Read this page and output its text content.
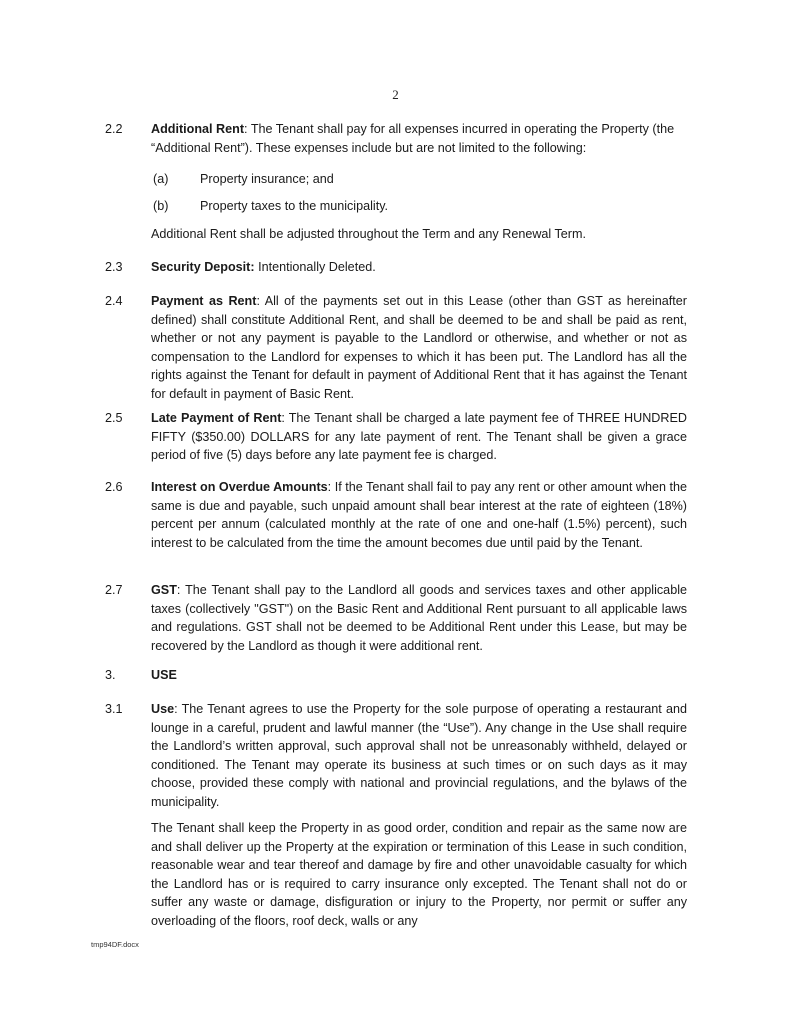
2
2.2	Additional Rent: The Tenant shall pay for all expenses incurred in operating the Property (the “Additional Rent”). These expenses include but are not limited to the following:
(a)	Property insurance; and
(b)	Property taxes to the municipality.
Additional Rent shall be adjusted throughout the Term and any Renewal Term.
2.3	Security Deposit: Intentionally Deleted.
2.4	Payment as Rent: All of the payments set out in this Lease (other than GST as hereinafter defined) shall constitute Additional Rent, and shall be deemed to be and shall be paid as rent, whether or not any payment is payable to the Landlord or otherwise, and whether or not as compensation to the Landlord for expenses to which it has been put. The Landlord has all the rights against the Tenant for default in payment of Additional Rent that it has against the Tenant for default in payment of Basic Rent.
2.5	Late Payment of Rent: The Tenant shall be charged a late payment fee of THREE HUNDRED FIFTY ($350.00) DOLLARS for any late payment of rent. The Tenant shall be given a grace period of five (5) days before any late payment fee is charged.
2.6	Interest on Overdue Amounts: If the Tenant shall fail to pay any rent or other amount when the same is due and payable, such unpaid amount shall bear interest at the rate of eighteen (18%) percent per annum (calculated monthly at the rate of one and one-half (1.5%) percent), such interest to be calculated from the time the amount becomes due until paid by the Tenant.
2.7	GST: The Tenant shall pay to the Landlord all goods and services taxes and other applicable taxes (collectively "GST") on the Basic Rent and Additional Rent pursuant to all applicable laws and regulations. GST shall not be deemed to be Additional Rent under this Lease, but may be recovered by the Landlord as though it were additional rent.
3.	USE
3.1	Use: The Tenant agrees to use the Property for the sole purpose of operating a restaurant and lounge in a careful, prudent and lawful manner (the “Use”). Any change in the Use shall require the Landlord’s written approval, such approval shall not be unreasonably withheld, delayed or conditioned. The Tenant may operate its business at such times or on such days as it may choose, provided these comply with national and provincial regulations, and the bylaws of the municipality.
The Tenant shall keep the Property in as good order, condition and repair as the same now are and shall deliver up the Property at the expiration or termination of this Lease in such condition, reasonable wear and tear thereof and damage by fire and other unavoidable casualty for which the Landlord has or is required to carry insurance only excepted. The Tenant shall not do or suffer any waste or damage, disfiguration or injury to the Property, nor permit or suffer any overloading of the floors, roof deck, walls or any
tmp94DF.docx
